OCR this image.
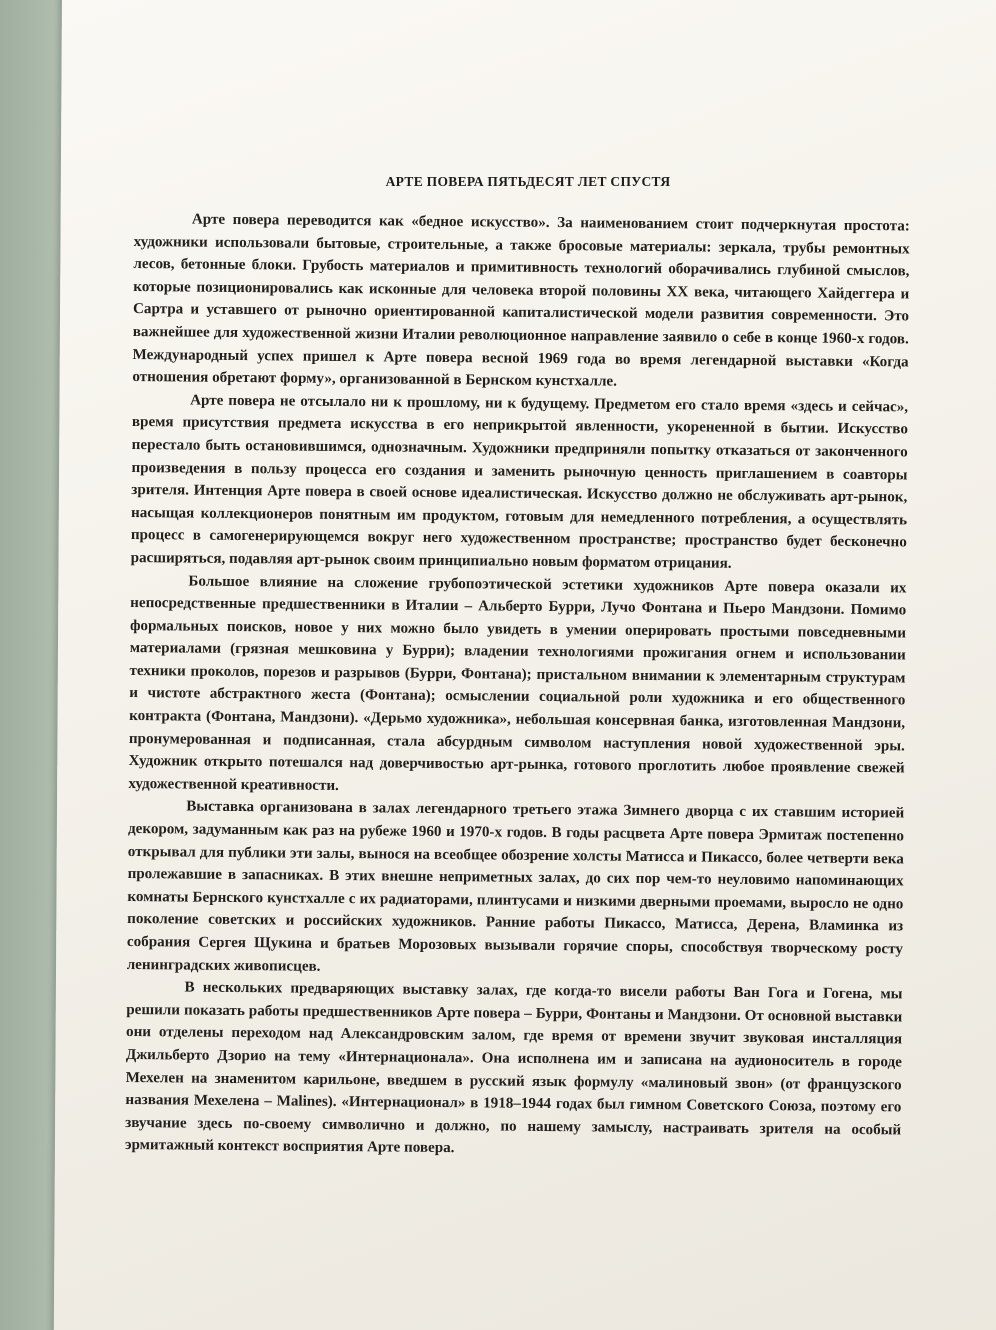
АРТЕ ПОВЕРА ПЯТЬДЕСЯТ ЛЕТ СПУСТЯ

Арте повера переводится как «бедное искусство». За наименованием стоит подчеркнутая простота: художники использовали бытовые, строительные, а также бросовые материалы: зеркала, трубы ремонтных лесов, бетонные блоки. Грубость материалов и примитивность технологий оборачивались глубиной смыслов, которые позиционировались как исконные для человека второй половины XX века, читающего Хайдеггера и Сартра и уставшего от рыночно ориентированной капиталистической модели развития современности. Это важнейшее для художественной жизни Италии революционное направление заявило о себе в конце 1960-х годов. Международный успех пришел к Арте повера весной 1969 года во время легендарной выставки «Когда отношения обретают форму», организованной в Бернском кунстхалле.

Арте повера не отсылало ни к прошлому, ни к будущему. Предметом его стало время «здесь и сейчас», время присутствия предмета искусства в его неприкрытой явленности, укорененной в бытии. Искусство перестало быть остановившимся, однозначным. Художники предприняли попытку отказаться от законченного произведения в пользу процесса его создания и заменить рыночную ценность приглашением в соавторы зрителя. Интенция Арте повера в своей основе идеалистическая. Искусство должно не обслуживать арт-рынок, насыщая коллекционеров понятным им продуктом, готовым для немедленного потребления, а осуществлять процесс в самогенерирующемся вокруг него художественном пространстве; пространство будет бесконечно расширяться, подавляя арт-рынок своим принципиально новым форматом отрицания.

Большое влияние на сложение грубопоэтической эстетики художников Арте повера оказали их непосредственные предшественники в Италии – Альберто Бурри, Лучо Фонтана и Пьеро Мандзони. Помимо формальных поисков, новое у них можно было увидеть в умении оперировать простыми повседневными материалами (грязная мешковина у Бурри); владении технологиями прожигания огнем и использовании техники проколов, порезов и разрывов (Бурри, Фонтана); пристальном внимании к элементарным структурам и чистоте абстрактного жеста (Фонтана); осмыслении социальной роли художника и его общественного контракта (Фонтана, Мандзони). «Дерьмо художника», небольшая консервная банка, изготовленная Мандзони, пронумерованная и подписанная, стала абсурдным символом наступления новой художественной эры. Художник открыто потешался над доверчивостью арт-рынка, готового проглотить любое проявление свежей художественной креативности.

Выставка организована в залах легендарного третьего этажа Зимнего дворца с их ставшим историей декором, задуманным как раз на рубеже 1960 и 1970-х годов. В годы расцвета Арте повера Эрмитаж постепенно открывал для публики эти залы, вынося на всеобщее обозрение холсты Матисса и Пикассо, более четверти века пролежавшие в запасниках. В этих внешне неприметных залах, до сих пор чем-то неуловимо напоминающих комнаты Бернского кунстхалле с их радиаторами, плинтусами и низкими дверными проемами, выросло не одно поколение советских и российских художников. Ранние работы Пикассо, Матисса, Дерена, Вламинка из собрания Сергея Щукина и братьев Морозовых вызывали горячие споры, способствуя творческому росту ленинградских живописцев.

В нескольких предваряющих выставку залах, где когда-то висели работы Ван Гога и Гогена, мы решили показать работы предшественников Арте повера – Бурри, Фонтаны и Мандзони. От основной выставки они отделены переходом над Александровским залом, где время от времени звучит звуковая инсталляция Джильберто Дзорио на тему «Интернационала». Она исполнена им и записана на аудионоситель в городе Мехелен на знаменитом карильоне, введшем в русский язык формулу «малиновый звон» (от французского названия Мехелена – Malines). «Интернационал» в 1918–1944 годах был гимном Советского Союза, поэтому его звучание здесь по-своему символично и должно, по нашему замыслу, настраивать зрителя на особый эрмитажный контекст восприятия Арте повера.
